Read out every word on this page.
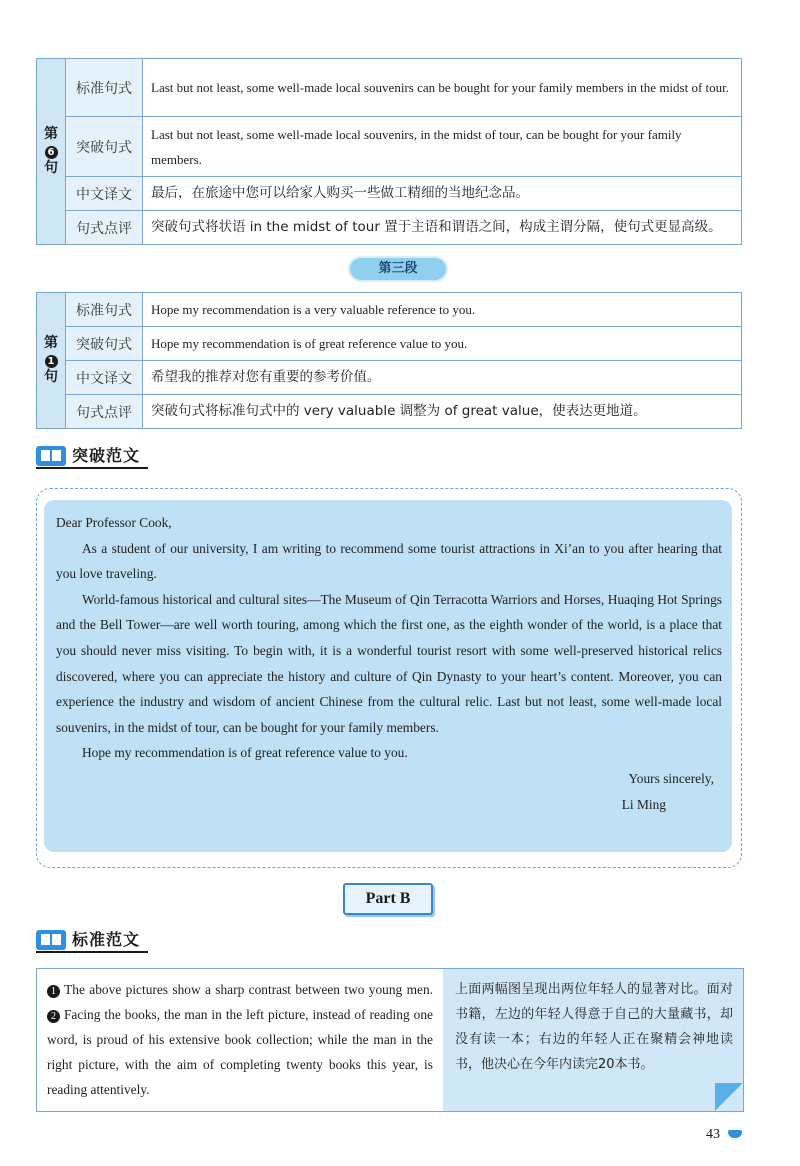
第
6
句	标准句式	Last but not least, some well-made local souvenirs can be bought for your family members in the midst of tour.
	突破句式	Last but not least, some well-made local souvenirs, in the midst of tour, can be bought for your family members.
	中文译文	最后，在旅途中您可以给家人购买一些做工精细的当地纪念品。
	句式点评	突破句式将状语 in the midst of tour 置于主语和谓语之间，构成主谓分隔，使句式更显高级。
第三段
第
1
句	标准句式	Hope my recommendation is a very valuable reference to you.
	突破句式	Hope my recommendation is of great reference value to you.
	中文译文	希望我的推荐对您有重要的参考价值。
	句式点评	突破句式将标准句式中的 very valuable 调整为 of great value，使表达更地道。
突破范文

Dear Professor Cook,

As a student of our university, I am writing to recommend some tourist attractions in Xi’an to you after hearing that you love traveling.

World-famous historical and cultural sites—The Museum of Qin Terracotta Warriors and Horses, Huaqing Hot Springs and the Bell Tower—are well worth touring, among which the first one, as the eighth wonder of the world, is a place that you should never miss visiting. To begin with, it is a wonderful tourist resort with some well-preserved historical relics discovered, where you can appreciate the history and culture of Qin Dynasty to your heart’s content. Moreover, you can experience the industry and wisdom of ancient Chinese from the cultural relic. Last but not least, some well-made local souvenirs, in the midst of tour, can be bought for your family members.

Hope my recommendation is of great reference value to you.

Yours sincerely,

Li Ming

Part B
标准范文
1 The above pictures show a sharp contrast between two young men. 2 Facing the books, the man in the left picture, instead of reading one word, is proud of his extensive book collection; while the man in the right picture, with the aim of completing twenty books this year, is reading attentively.
上面两幅图呈现出两位年轻人的显著对比。面对书籍，左边的年轻人得意于自己的大量藏书，却没有读一本；右边的年轻人正在聚精会神地读书，他决心在今年内读完20本书。
43
